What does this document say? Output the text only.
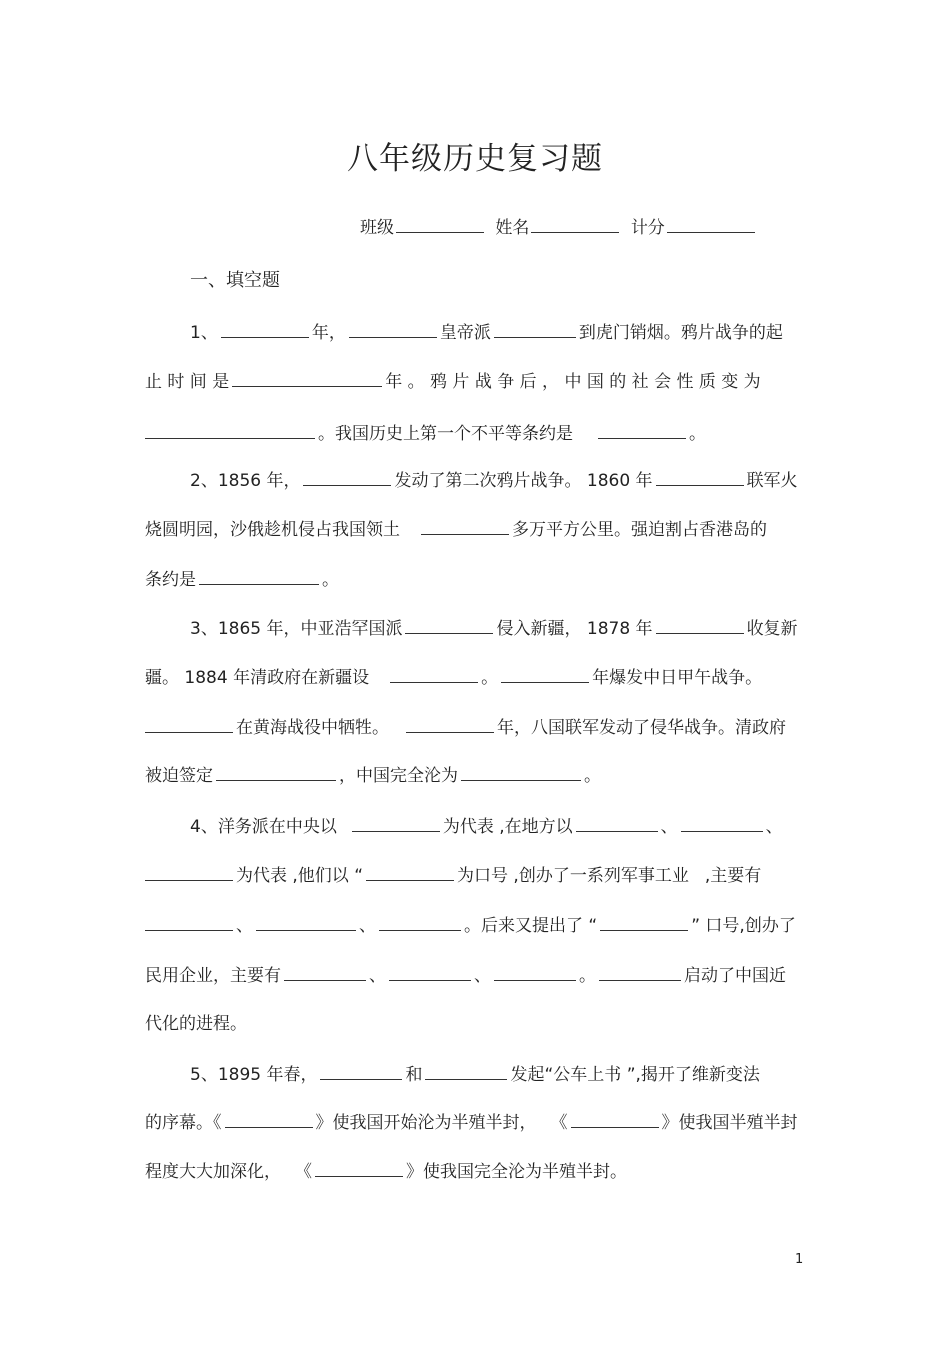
八年级历史复习题
班级	姓名	计分
一、填空题
1、	年，	皇帝派	到虎门销烟。鸦片战争的起
止 时 间 是	年 。 鸦 片 战 争 后 ， 中 国 的 社 会 性 质 变 为
。我国历史上第一个不平等条约是	。
2、1856 年，	发动了第二次鸦片战争。 1860 年	联军火
烧圆明园，沙俄趁机侵占我国领土	多万平方公里。强迫割占香港岛的
条约是	。
3、1865 年，中亚浩罕国派	侵入新疆， 1878 年	收复新
疆。 1884 年清政府在新疆设	。	年爆发中日甲午战争。
在黄海战役中牺牲。	年，八国联军发动了侵华战争。清政府
被迫签定	，中国完全沦为	。
4、洋务派在中央以	为代表 ,在地方以	、	、
为代表 ,他们以 “	为口号 ,创办了一系列军事工业 ,主要有
、	、	。后来又提出了 “	” 口号,创办了
民用企业，主要有	、	、	。	启动了中国近
代化的进程。
5、1895 年春，	和	发起“公车上书 ”,揭开了维新变法
的序幕。《	》使我国开始沦为半殖半封， 《	》使我国半殖半封
程度大大加深化， 《	》使我国完全沦为半殖半封。
1
